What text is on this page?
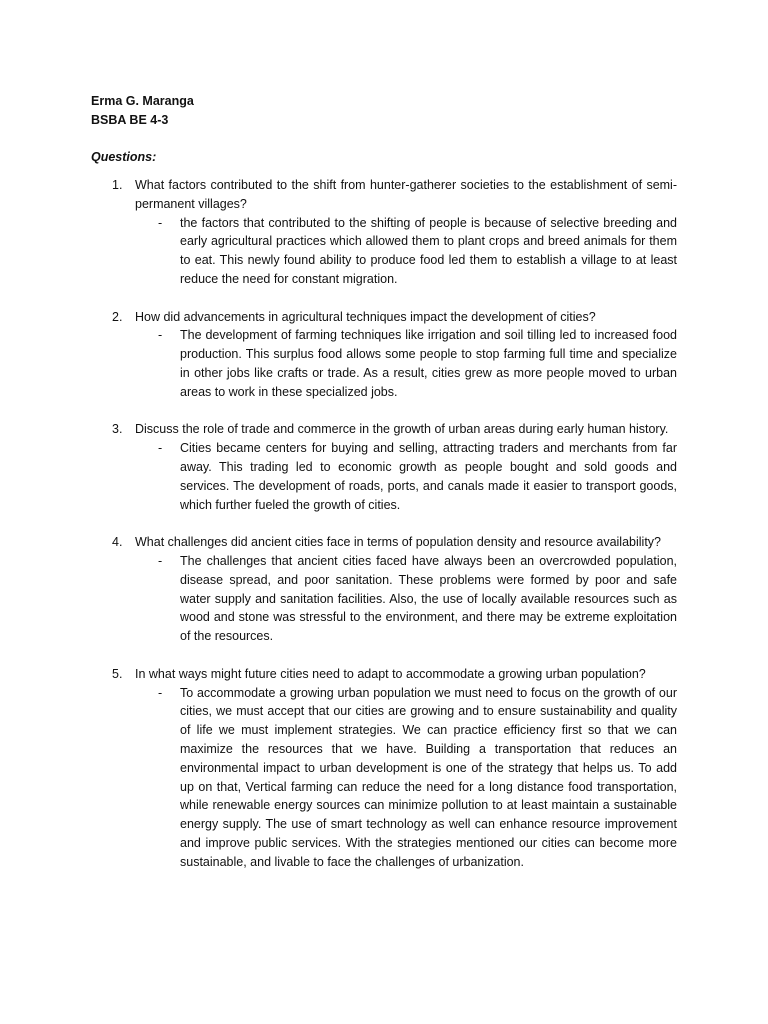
Erma G. Maranga

BSBA BE 4-3

Questions:

1. What factors contributed to the shift from hunter-gatherer societies to the establishment of semi-permanent villages?

- the factors that contributed to the shifting of people is because of selective breeding and early agricultural practices which allowed them to plant crops and breed animals for them to eat. This newly found ability to produce food led them to establish a village to at least reduce the need for constant migration.

2. How did advancements in agricultural techniques impact the development of cities?

- The development of farming techniques like irrigation and soil tilling led to increased food production. This surplus food allows some people to stop farming full time and specialize in other jobs like crafts or trade. As a result, cities grew as more people moved to urban areas to work in these specialized jobs.

3. Discuss the role of trade and commerce in the growth of urban areas during early human history.

- Cities became centers for buying and selling, attracting traders and merchants from far away. This trading led to economic growth as people bought and sold goods and services. The development of roads, ports, and canals made it easier to transport goods, which further fueled the growth of cities.

4. What challenges did ancient cities face in terms of population density and resource availability?

- The challenges that ancient cities faced have always been an overcrowded population, disease spread, and poor sanitation. These problems were formed by poor and safe water supply and sanitation facilities. Also, the use of locally available resources such as wood and stone was stressful to the environment, and there may be extreme exploitation of the resources.

5. In what ways might future cities need to adapt to accommodate a growing urban population?

- To accommodate a growing urban population we must need to focus on the growth of our cities, we must accept that our cities are growing and to ensure sustainability and quality of life we must implement strategies. We can practice efficiency first so that we can maximize the resources that we have. Building a transportation that reduces an environmental impact to urban development is one of the strategy that helps us. To add up on that, Vertical farming can reduce the need for a long distance food transportation, while renewable energy sources can minimize pollution to at least maintain a sustainable energy supply. The use of smart technology as well can enhance resource improvement and improve public services. With the strategies mentioned our cities can become more sustainable, and livable to face the challenges of urbanization.
